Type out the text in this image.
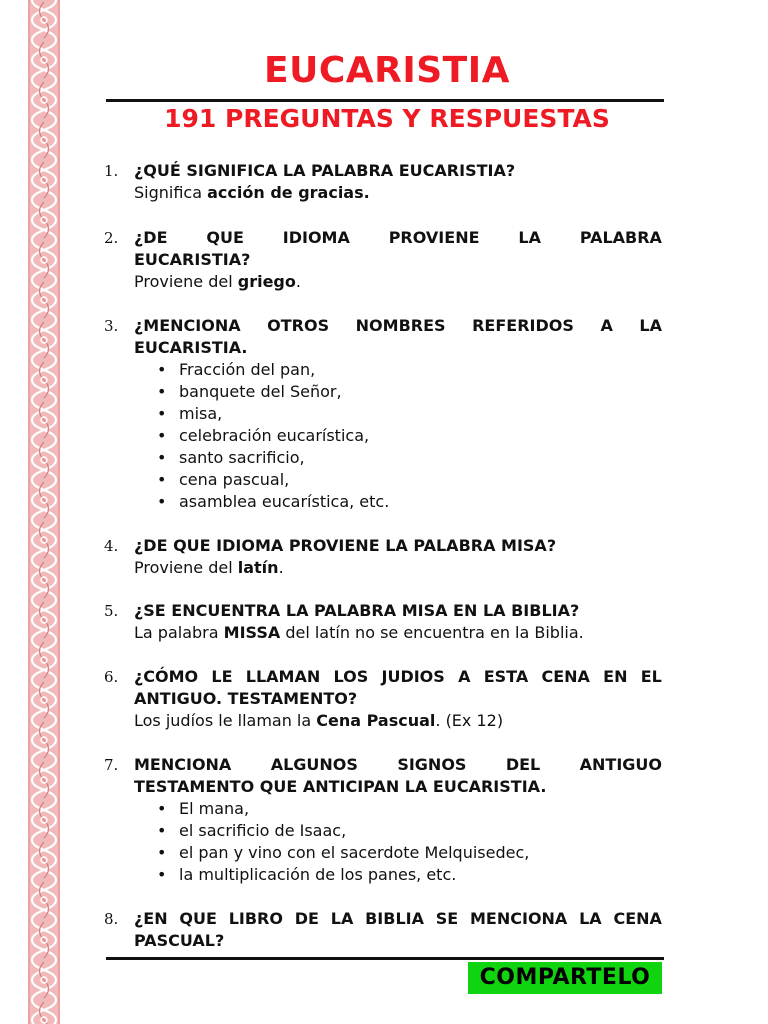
EUCARISTIA
191 PREGUNTAS Y RESPUESTAS
1. ¿QUÉ SIGNIFICA LA PALABRA EUCARISTIA?
Significa acción de gracias.
2. ¿DE QUE IDIOMA PROVIENE LA PALABRA
EUCARISTIA?
Proviene del griego.
3. ¿MENCIONA OTROS NOMBRES REFERIDOS A LA
EUCARISTIA.
• Fracción del pan,
• banquete del Señor,
• misa,
• celebración eucarística,
• santo sacrificio,
• cena pascual,
• asamblea eucarística, etc.
4. ¿DE QUE IDIOMA PROVIENE LA PALABRA MISA?
Proviene del latín.
5. ¿SE ENCUENTRA LA PALABRA MISA EN LA BIBLIA?
La palabra MISSA del latín no se encuentra en la Biblia.
6. ¿CÓMO LE LLAMAN LOS JUDIOS A ESTA CENA EN EL
ANTIGUO. TESTAMENTO?
Los judíos le llaman la Cena Pascual. (Ex 12)
7. MENCIONA ALGUNOS SIGNOS DEL ANTIGUO
TESTAMENTO QUE ANTICIPAN LA EUCARISTIA.
• El mana,
• el sacrificio de Isaac,
• el pan y vino con el sacerdote Melquisedec,
• la multiplicación de los panes, etc.
8. ¿EN QUE LIBRO DE LA BIBLIA SE MENCIONA LA CENA
PASCUAL?
COMPARTELO
